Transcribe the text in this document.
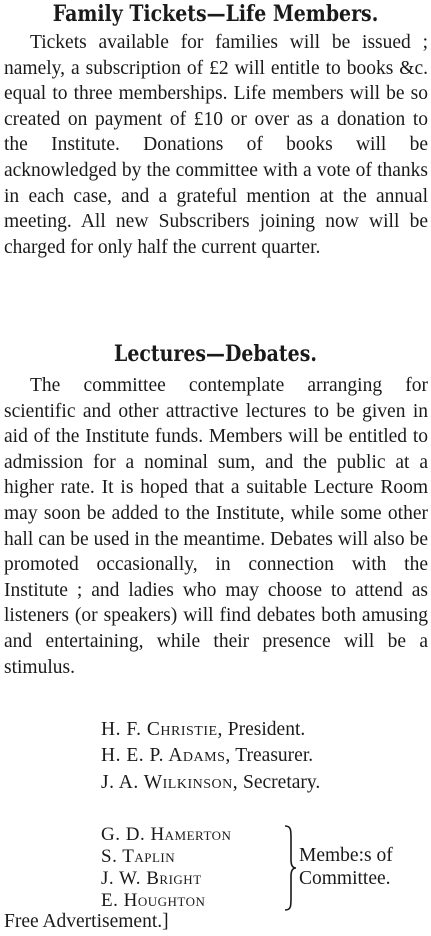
Family Tickets—Life Members.

Tickets available for families will be issued ; namely, a subscription of £2 will entitle to books &c. equal to three memberships. Life members will be so created on payment of £10 or over as a donation to the Institute. Donations of books will be acknowledged by the committee with a vote of thanks in each case, and a grateful mention at the annual meeting. All new Subscribers joining now will be charged for only half the current quarter.

Lectures—Debates.

The committee contemplate arranging for scientific and other attractive lectures to be given in aid of the Institute funds. Members will be entitled to admission for a nominal sum, and the public at a higher rate. It is hoped that a suitable Lecture Room may soon be added to the Institute, while some other hall can be used in the meantime. Debates will also be promoted occasionally, in connection with the Institute ; and ladies who may choose to attend as listeners (or speakers) will find debates both amusing and entertaining, while their presence will be a stimulus.

H. F. Christie, President.
H. E. P. Adams, Treasurer.
J. A. Wilkinson, Secretary.
G. D. Hamerton
S. Taplin
J. W. Bright
E. Houghton
Membe:s of
Committee.
Free Advertisement.]
